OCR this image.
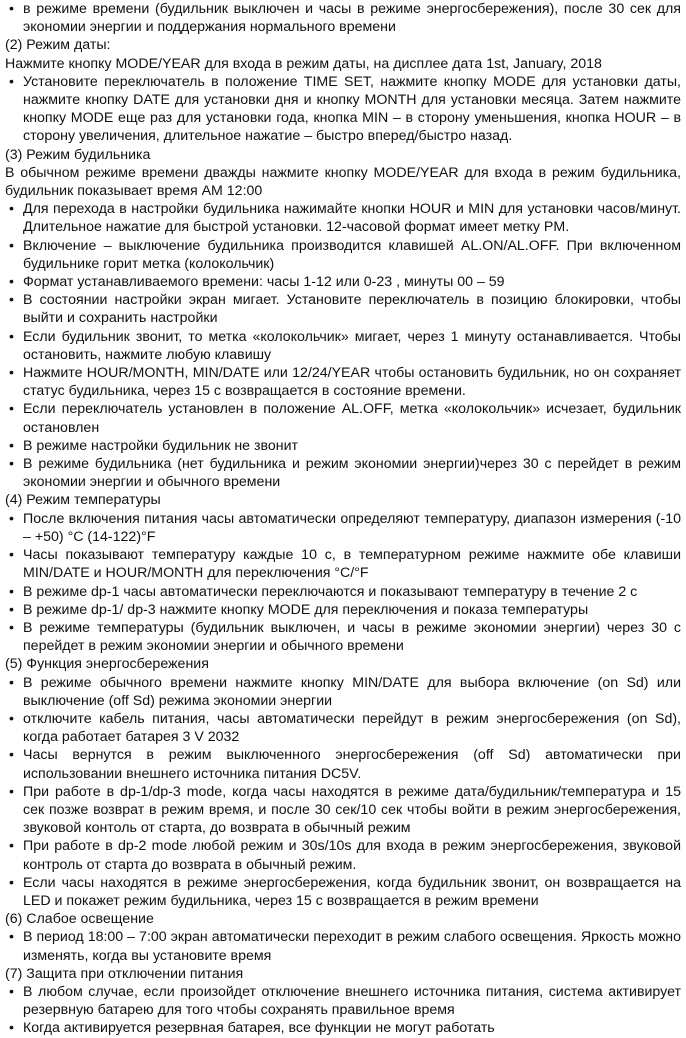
• в режиме времени (будильник выключен и часы в режиме энергосбережения), после 30 сек для экономии энергии и поддержания нормального времени

(2) Режим даты:

Нажмите кнопку MODE/YEAR для входа в режим даты, на дисплее дата 1st, January, 2018

• Установите переключатель в положение TIME SET, нажмите кнопку MODE для установки даты, нажмите кнопку DATE для установки дня и кнопку MONTH для установки месяца. Затем нажмите кнопку MODE еще раз для установки года, кнопка MIN – в сторону уменьшения, кнопка HOUR – в сторону увеличения, длительное нажатие – быстро вперед/быстро назад.

(3) Режим будильника

В обычном режиме времени дважды нажмите кнопку MODE/YEAR для входа в режим будильника, будильник показывает время AM 12:00

• Для перехода в настройки будильника нажимайте кнопки HOUR и MIN для установки часов/минут. Длительное нажатие для быстрой установки. 12-часовой формат имеет метку PM.

• Включение – выключение будильника производится клавишей AL.ON/AL.OFF. При включенном будильнике горит метка (колокольчик)

• Формат устанавливаемого времени: часы 1-12 или 0-23 , минуты 00 – 59

• В состоянии настройки экран мигает. Установите переключатель в позицию блокировки, чтобы выйти и сохранить настройки

• Если будильник звонит, то метка «колокольчик» мигает, через 1 минуту останавливается. Чтобы остановить, нажмите любую клавишу

• Нажмите HOUR/MONTH, MIN/DATE или 12/24/YEAR чтобы остановить будильник, но он сохраняет статус будильника, через 15 с возвращается в состояние времени.

• Если переключатель установлен в положение AL.OFF, метка «колокольчик» исчезает, будильник остановлен

• В режиме настройки будильник не звонит

• В режиме будильника (нет будильника и режим экономии энергии)через 30 с перейдет в режим экономии энергии и обычного времени

(4) Режим температуры

• После включения питания часы автоматически определяют температуру, диапазон измерения (-10 – +50) °C (14-122)°F

• Часы показывают температуру каждые 10 с, в температурном режиме нажмите обе клавиши MIN/DATE и HOUR/MONTH для переключения °C/°F

• В режиме dp-1 часы автоматически переключаются и показывают температуру в течение 2 с

• В режиме dp-1/ dp-3 нажмите кнопку MODE для переключения и показа температуры

• В режиме температуры (будильник выключен, и часы в режиме экономии энергии) через 30 с перейдет в режим экономии энергии и обычного времени

(5) Функция энергосбережения

• В режиме обычного времени нажмите кнопку MIN/DATE для выбора включение (on Sd) или выключение (off Sd) режима экономии энергии

• отключите кабель питания, часы автоматически перейдут в режим энергосбережения (on Sd), когда работает батарея 3 V 2032

• Часы вернутся в режим выключенного энергосбережения (off Sd) автоматически при использовании внешнего источника питания DC5V.

• При работе в dp-1/dp-3 mode, когда часы находятся в режиме дата/будильник/температура и 15 сек позже возврат в режим время, и после 30 сек/10 сек чтобы войти в режим энергосбережения, звуковой контоль от старта, до возврата в обычный режим

• При работе в dp-2 mode любой режим и 30s/10s для входа в режим энергосбережения, звуковой контроль от старта до возврата в обычный режим.

• Если часы находятся в режиме энергосбережения, когда будильник звонит, он возвращается на LED и покажет режим будильника, через 15 с возвращается в режим времени

(6) Слабое освещение

• В период 18:00 – 7:00 экран автоматически переходит в режим слабого освещения. Яркость можно изменять, когда вы установите время

(7) Защита при отключении питания

• В любом случае, если произойдет отключение внешнего источника питания, система активирует резервную батарею для того чтобы сохранять правильное время

• Когда активируется резервная батарея, все функции не могут работать
